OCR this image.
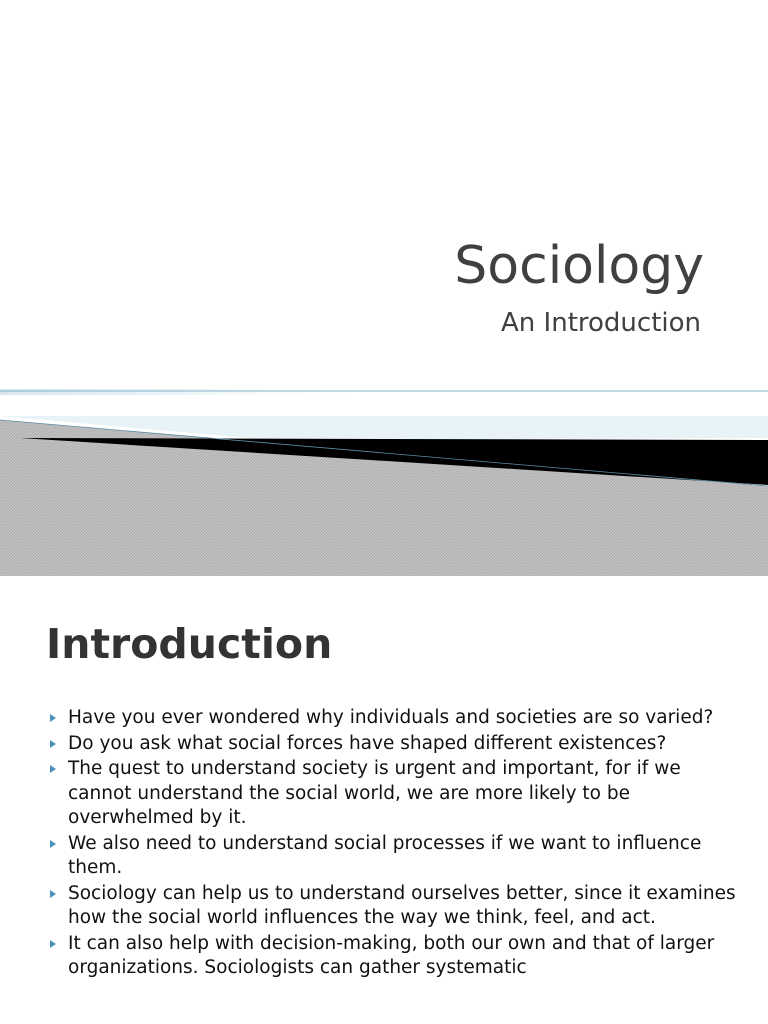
Sociology
An Introduction
Introduction
Have you ever wondered why individuals and societies are so varied?
Do you ask what social forces have shaped different existences?
The quest to understand society is urgent and important, for if we cannot understand the social world, we are more likely to be overwhelmed by it.
We also need to understand social processes if we want to influence them.
Sociology can help us to understand ourselves better, since it examines how the social world influences the way we think, feel, and act.
It can also help with decision-making, both our own and that of larger organizations. Sociologists can gather systematic
